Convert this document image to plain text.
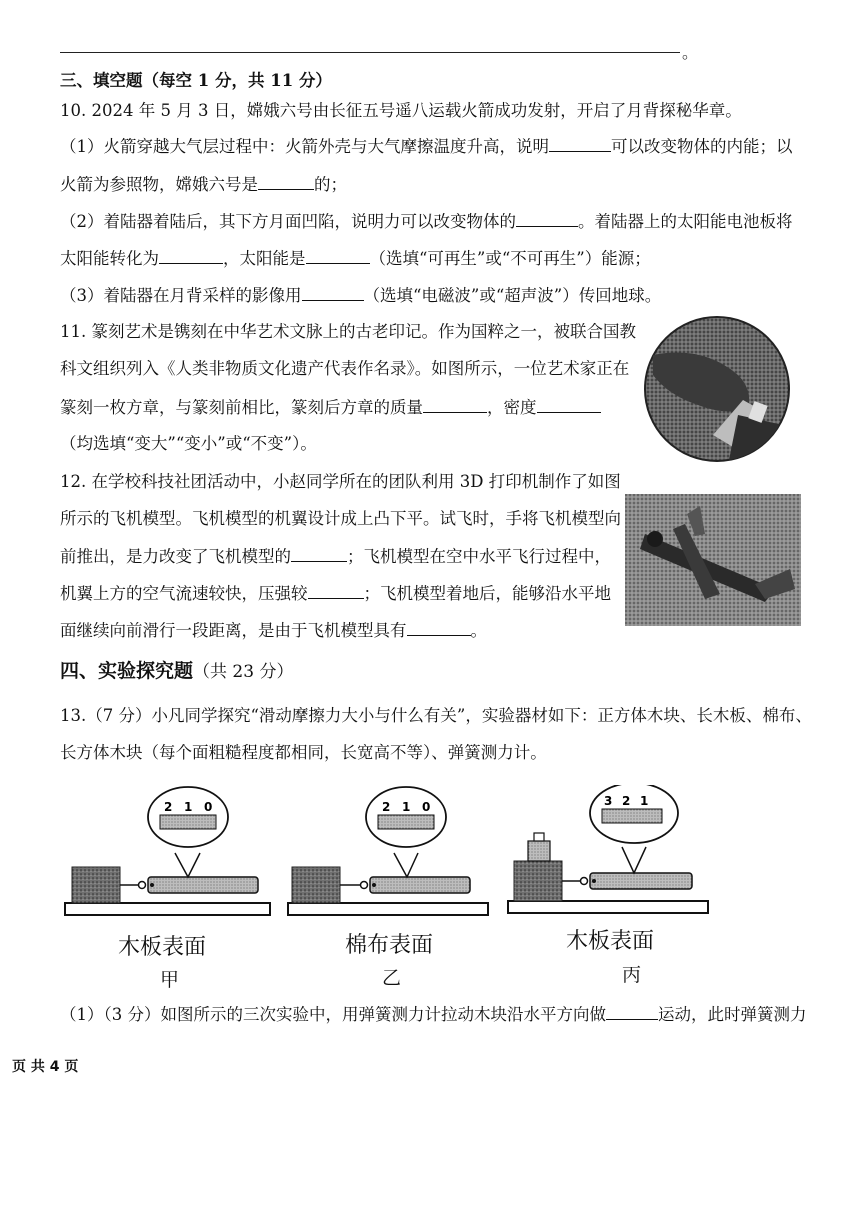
。
三、填空题（每空 1 分，共 11 分）
10. 2024 年 5 月 3 日，嫦娥六号由长征五号遥八运载火箭成功发射，开启了月背探秘华章。
（1）火箭穿越大气层过程中：火箭外壳与大气摩擦温度升高，说明	可以改变物体的内能；以
火箭为参照物，嫦娥六号是	的；
（2）着陆器着陆后，其下方月面凹陷，说明力可以改变物体的	。着陆器上的太阳能电池板将
太阳能转化为	，太阳能是	（选填“可再生”或“不可再生”）能源；
（3）着陆器在月背采样的影像用	（选填“电磁波”或“超声波”）传回地球。
11. 篆刻艺术是镌刻在中华艺术文脉上的古老印记。作为国粹之一，被联合国教
科文组织列入《人类非物质文化遗产代表作名录》。如图所示，一位艺术家正在
篆刻一枚方章，与篆刻前相比，篆刻后方章的质量	，密度
（均选填“变大”“变小”或“不变”）。
12. 在学校科技社团活动中，小赵同学所在的团队利用 3D 打印机制作了如图
所示的飞机模型。飞机模型的机翼设计成上凸下平。试飞时，手将飞机模型向
前推出，是力改变了飞机模型的	；飞机模型在空中水平飞行过程中，
机翼上方的空气流速较快，压强较	；飞机模型着地后，能够沿水平地
面继续向前滑行一段距离，是由于飞机模型具有	。
四、实验探究题（共 23 分）
13.（7 分）小凡同学探究“滑动摩擦力大小与什么有关”，实验器材如下：正方体木块、长木板、棉布、
长方体木块（每个面粗糙程度都相同，长宽高不等）、弹簧测力计。
2 1 0	2 1 0	3 2 1
木板表面
甲
棉布表面
乙
木板表面
丙
（1）（3 分）如图所示的三次实验中，用弹簧测力计拉动木块沿水平方向做	运动，此时弹簧测力
页 共 4 页
